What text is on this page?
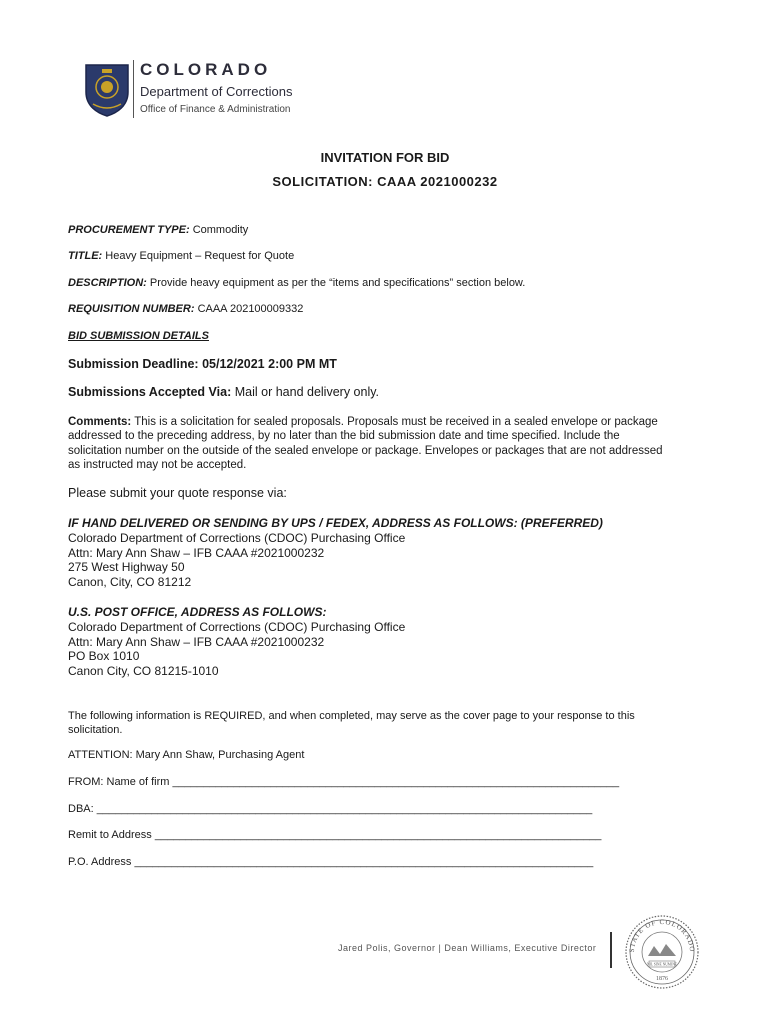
COLORADO
Department of Corrections
Office of Finance & Administration
INVITATION FOR BID
SOLICITATION: CAAA 2021000232
PROCUREMENT TYPE: Commodity
TITLE: Heavy Equipment – Request for Quote
DESCRIPTION: Provide heavy equipment as per the “items and specifications” section below.
REQUISITION NUMBER: CAAA 202100009332
BID SUBMISSION DETAILS
Submission Deadline: 05/12/2021 2:00 PM MT
Submissions Accepted Via: Mail or hand delivery only.
Comments: This is a solicitation for sealed proposals. Proposals must be received in a sealed envelope or package addressed to the preceding address, by no later than the bid submission date and time specified. Include the solicitation number on the outside of the sealed envelope or package. Envelopes or packages that are not addressed as instructed may not be accepted.
Please submit your quote response via:
IF HAND DELIVERED OR SENDING BY UPS / FEDEX, ADDRESS AS FOLLOWS: (PREFERRED)
Colorado Department of Corrections (CDOC) Purchasing Office
Attn: Mary Ann Shaw – IFB CAAA #2021000232
275 West Highway 50
Canon, City, CO 81212
U.S. POST OFFICE, ADDRESS AS FOLLOWS:
Colorado Department of Corrections (CDOC) Purchasing Office
Attn: Mary Ann Shaw – IFB CAAA #2021000232
PO Box 1010
Canon City, CO 81215-1010
The following information is REQUIRED, and when completed, may serve as the cover page to your response to this solicitation.
ATTENTION: Mary Ann Shaw, Purchasing Agent
FROM: Name of firm _________________________________________________________________________
DBA: _________________________________________________________________________________
Remit to Address _________________________________________________________________________
P.O. Address ___________________________________________________________________________
Jared Polis, Governor | Dean Williams, Executive Director	STATE OF COLORADO
NIL SINE NUMINE
1876
